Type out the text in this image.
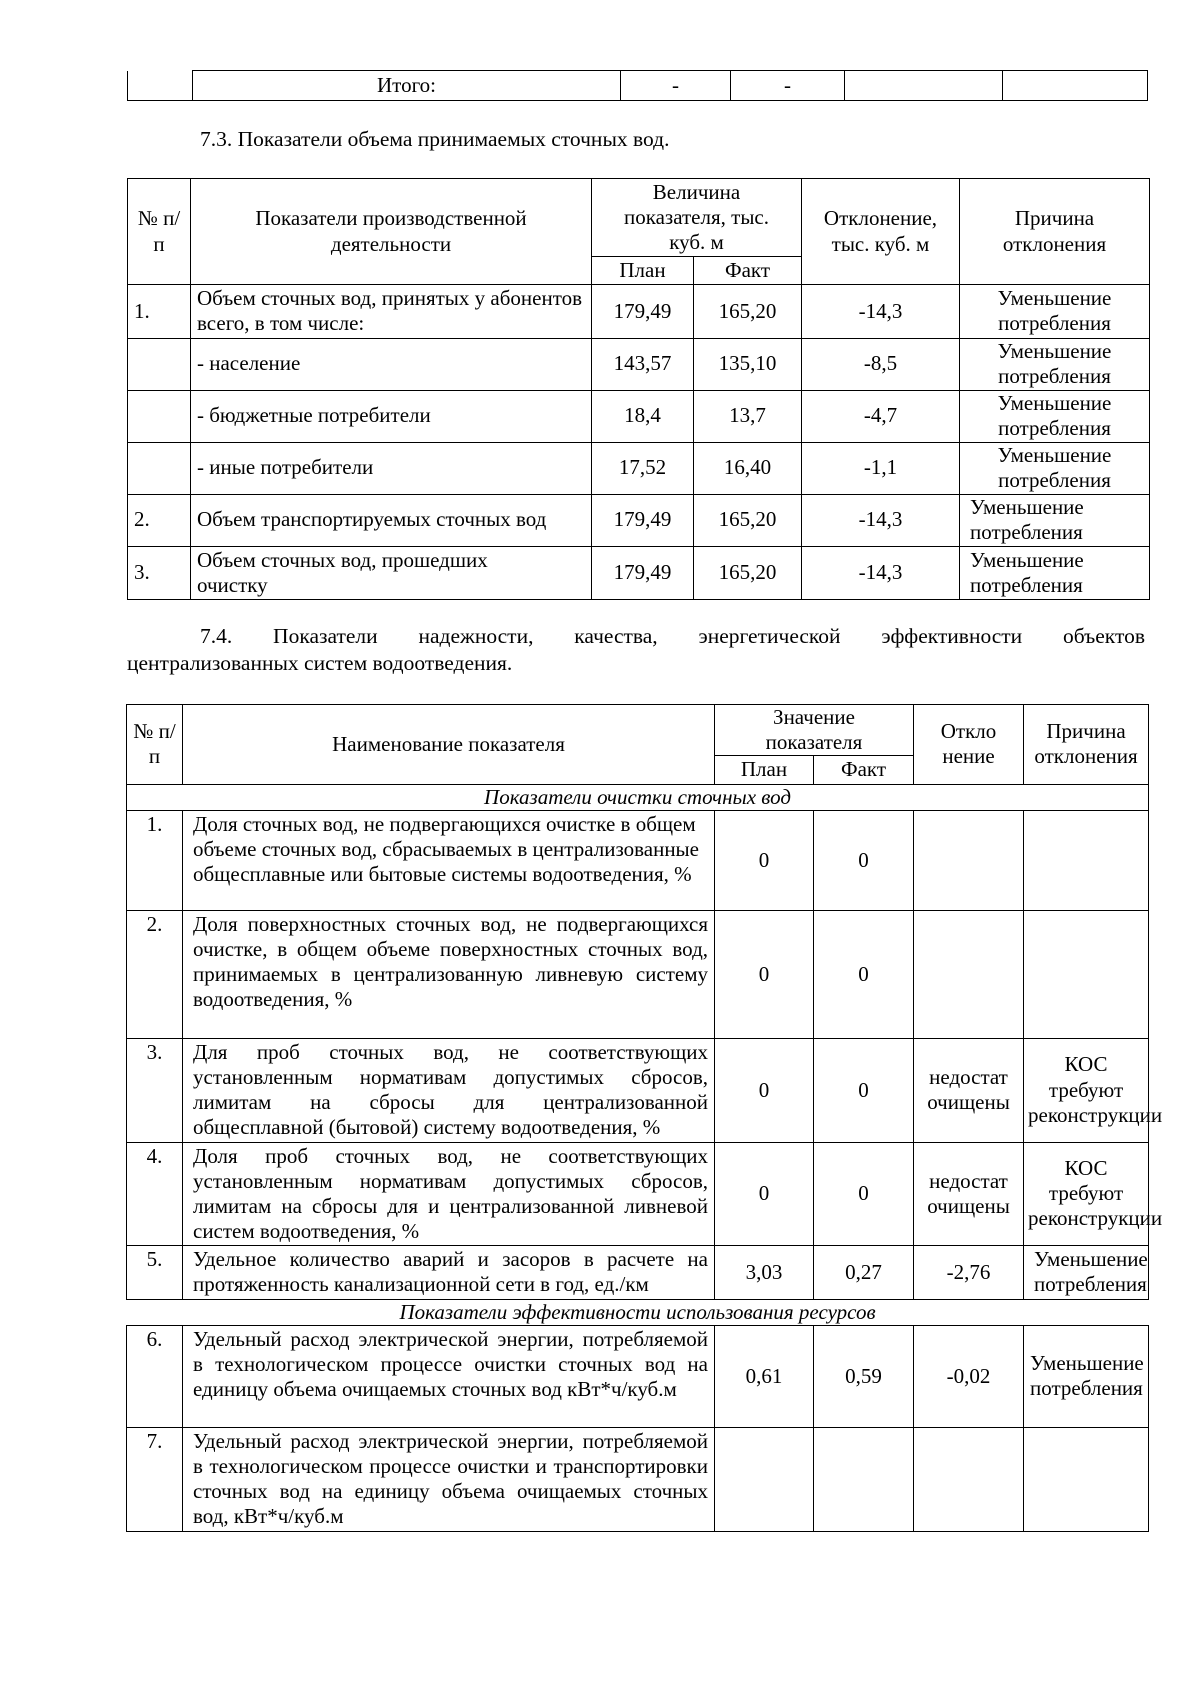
	Итого:	-	-		

7.3. Показатели объема принимаемых сточных вод.

№ п/п	Показатели производственной деятельности	Величина показателя, тыс. куб. м		Отклонение, тыс. куб. м	Причина отклонения
		План	Факт		
1.	Объем сточных вод, принятых у абонентов всего, в том числе:	179,49	165,20	-14,3	Уменьшение потребления
	- население	143,57	135,10	-8,5	Уменьшение потребления
	- бюджетные потребители	18,4	13,7	-4,7	Уменьшение потребления
	- иные потребители	17,52	16,40	-1,1	Уменьшение потребления
2.	Объем транспортируемых сточных вод	179,49	165,20	-14,3	Уменьшение потребления
3.	Объем сточных вод, прошедших очистку	179,49	165,20	-14,3	Уменьшение потребления

7.4. Показатели надежности, качества, энергетической эффективности объектов

централизованных систем водоотведения.

№ п/п	Наименование показателя	Значение показателя		Откло нение	Причина отклонения
		План	Факт		
Показатели очистки сточных вод					
1.	Доля сточных вод, не подвергающихся очистке в общем объеме сточных вод, сбрасываемых в централизованные общесплавные или бытовые системы водоотведения, %	0	0		
2.	Доля поверхностных сточных вод, не подвергающихся очистке, в общем объеме поверхностных сточных вод, принимаемых в централизованную ливневую систему водоотведения, %	0	0		
3.	Для проб сточных вод, не соответствующих установленным нормативам допустимых сбросов, лимитам на сбросы для централизованной общесплавной (бытовой) систему водоотведения, %	0	0	недостат очищены	КОС требуют реконструкции
4.	Доля проб сточных вод, не соответствующих установленным нормативам допустимых сбросов, лимитам на сбросы для и централизованной ливневой систем водоотведения, %	0	0	недостат очищены	КОС требуют реконструкции
5.	Удельное количество аварий и засоров в расчете на протяженность канализационной сети в год, ед./км	3,03	0,27	-2,76	Уменьшение потребления
Показатели эффективности использования ресурсов					
6.	Удельный расход электрической энергии, потребляемой в технологическом процессе очистки сточных вод на единицу объема очищаемых сточных вод кВт*ч/куб.м	0,61	0,59	-0,02	Уменьшение потребления
7.	Удельный расход электрической энергии, потребляемой в технологическом процессе очистки и транспортировки сточных вод на единицу объема очищаемых сточных вод, кВт*ч/куб.м				
